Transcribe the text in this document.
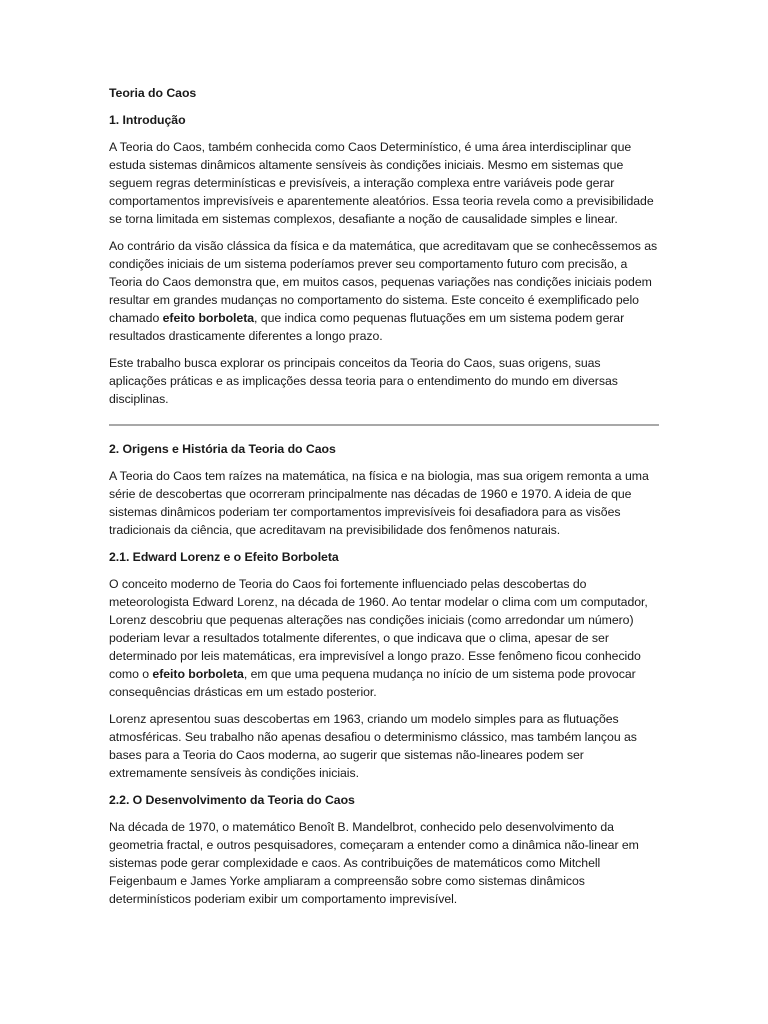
Teoria do Caos
1. Introdução

A Teoria do Caos, também conhecida como Caos Determinístico, é uma área interdisciplinar que estuda sistemas dinâmicos altamente sensíveis às condições iniciais. Mesmo em sistemas que seguem regras determinísticas e previsíveis, a interação complexa entre variáveis pode gerar comportamentos imprevisíveis e aparentemente aleatórios. Essa teoria revela como a previsibilidade se torna limitada em sistemas complexos, desafiante a noção de causalidade simples e linear.

Ao contrário da visão clássica da física e da matemática, que acreditavam que se conhecêssemos as condições iniciais de um sistema poderíamos prever seu comportamento futuro com precisão, a Teoria do Caos demonstra que, em muitos casos, pequenas variações nas condições iniciais podem resultar em grandes mudanças no comportamento do sistema. Este conceito é exemplificado pelo chamado efeito borboleta, que indica como pequenas flutuações em um sistema podem gerar resultados drasticamente diferentes a longo prazo.

Este trabalho busca explorar os principais conceitos da Teoria do Caos, suas origens, suas aplicações práticas e as implicações dessa teoria para o entendimento do mundo em diversas disciplinas.

2. Origens e História da Teoria do Caos

A Teoria do Caos tem raízes na matemática, na física e na biologia, mas sua origem remonta a uma série de descobertas que ocorreram principalmente nas décadas de 1960 e 1970. A ideia de que sistemas dinâmicos poderiam ter comportamentos imprevisíveis foi desafiadora para as visões tradicionais da ciência, que acreditavam na previsibilidade dos fenômenos naturais.

2.1. Edward Lorenz e o Efeito Borboleta

O conceito moderno de Teoria do Caos foi fortemente influenciado pelas descobertas do meteorologista Edward Lorenz, na década de 1960. Ao tentar modelar o clima com um computador, Lorenz descobriu que pequenas alterações nas condições iniciais (como arredondar um número) poderiam levar a resultados totalmente diferentes, o que indicava que o clima, apesar de ser determinado por leis matemáticas, era imprevisível a longo prazo. Esse fenômeno ficou conhecido como o efeito borboleta, em que uma pequena mudança no início de um sistema pode provocar consequências drásticas em um estado posterior.

Lorenz apresentou suas descobertas em 1963, criando um modelo simples para as flutuações atmosféricas. Seu trabalho não apenas desafiou o determinismo clássico, mas também lançou as bases para a Teoria do Caos moderna, ao sugerir que sistemas não-lineares podem ser extremamente sensíveis às condições iniciais.

2.2. O Desenvolvimento da Teoria do Caos

Na década de 1970, o matemático Benoît B. Mandelbrot, conhecido pelo desenvolvimento da geometria fractal, e outros pesquisadores, começaram a entender como a dinâmica não-linear em sistemas pode gerar complexidade e caos. As contribuições de matemáticos como Mitchell Feigenbaum e James Yorke ampliaram a compreensão sobre como sistemas dinâmicos determinísticos poderiam exibir um comportamento imprevisível.
